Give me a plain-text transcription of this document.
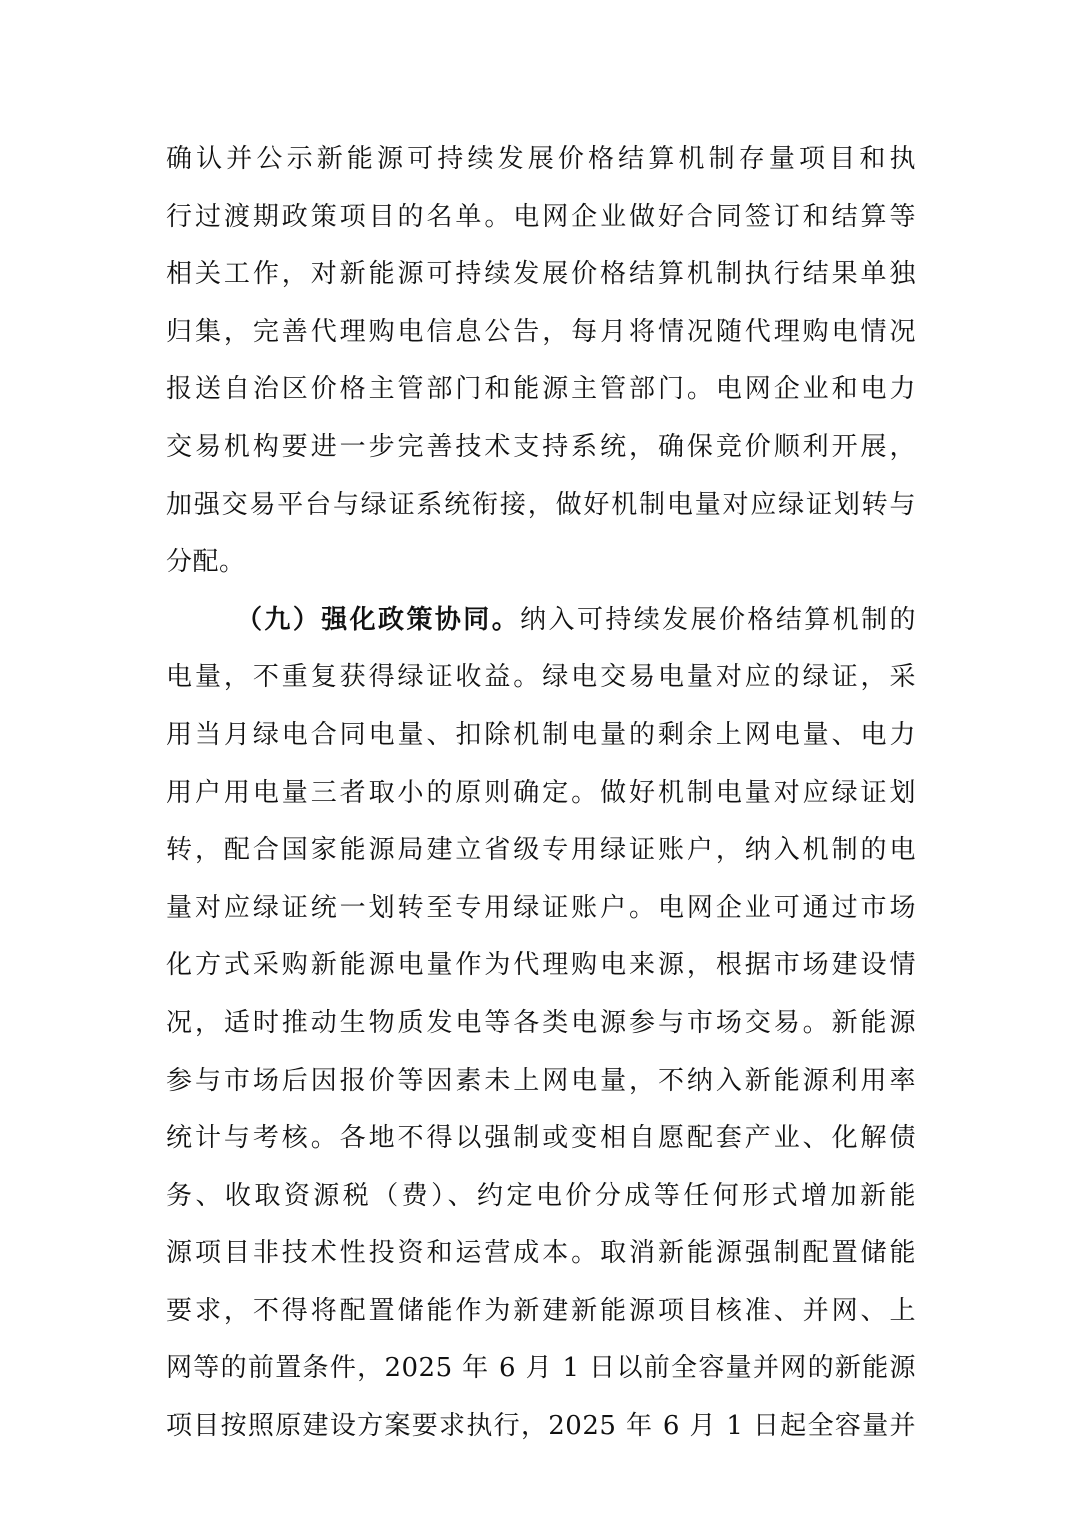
确认并公示新能源可持续发展价格结算机制存量项目和执
行过渡期政策项目的名单。电网企业做好合同签订和结算等
相关工作，对新能源可持续发展价格结算机制执行结果单独
归集，完善代理购电信息公告，每月将情况随代理购电情况
报送自治区价格主管部门和能源主管部门。电网企业和电力
交易机构要进一步完善技术支持系统，确保竞价顺利开展，
加强交易平台与绿证系统衔接，做好机制电量对应绿证划转与
分配。
（九）强化政策协同。纳入可持续发展价格结算机制的
电量，不重复获得绿证收益。绿电交易电量对应的绿证，采
用当月绿电合同电量、扣除机制电量的剩余上网电量、电力
用户用电量三者取小的原则确定。做好机制电量对应绿证划
转，配合国家能源局建立省级专用绿证账户，纳入机制的电
量对应绿证统一划转至专用绿证账户。电网企业可通过市场
化方式采购新能源电量作为代理购电来源，根据市场建设情
况，适时推动生物质发电等各类电源参与市场交易。新能源
参与市场后因报价等因素未上网电量，不纳入新能源利用率
统计与考核。各地不得以强制或变相自愿配套产业、化解债
务、收取资源税（费）、约定电价分成等任何形式增加新能
源项目非技术性投资和运营成本。取消新能源强制配置储能
要求，不得将配置储能作为新建新能源项目核准、并网、上
网等的前置条件，2025 年 6 月 1 日以前全容量并网的新能源
项目按照原建设方案要求执行，2025 年 6 月 1 日起全容量并
